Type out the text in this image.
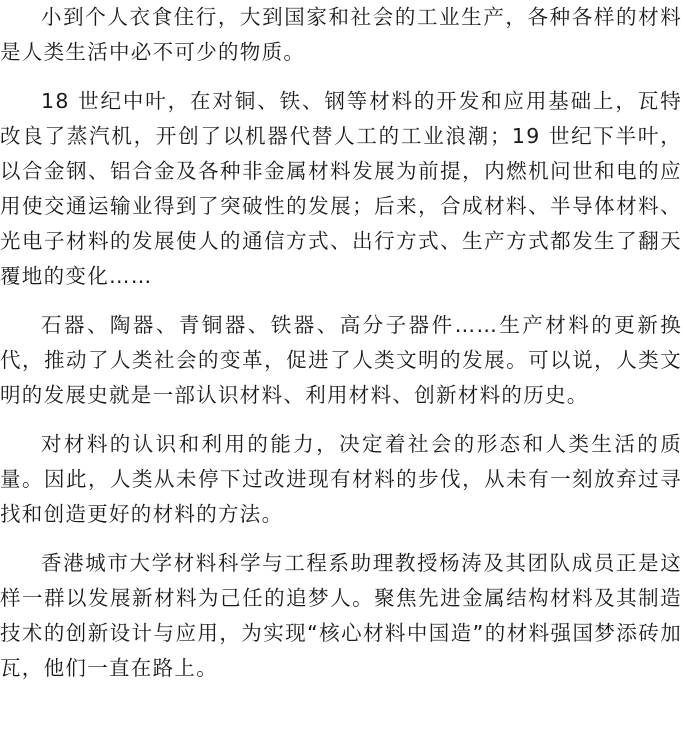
小到个人衣食住行，大到国家和社会的工业生产，各种各样的材料是人类生活中必不可少的物质。

18 世纪中叶，在对铜、铁、钢等材料的开发和应用基础上，瓦特改良了蒸汽机，开创了以机器代替人工的工业浪潮；19 世纪下半叶，以合金钢、铝合金及各种非金属材料发展为前提，内燃机问世和电的应用使交通运输业得到了突破性的发展；后来，合成材料、半导体材料、光电子材料的发展使人的通信方式、出行方式、生产方式都发生了翻天覆地的变化……

石器、陶器、青铜器、铁器、高分子器件……生产材料的更新换代，推动了人类社会的变革，促进了人类文明的发展。可以说，人类文明的发展史就是一部认识材料、利用材料、创新材料的历史。

对材料的认识和利用的能力，决定着社会的形态和人类生活的质量。因此，人类从未停下过改进现有材料的步伐，从未有一刻放弃过寻找和创造更好的材料的方法。

香港城市大学材料科学与工程系助理教授杨涛及其团队成员正是这样一群以发展新材料为己任的追梦人。聚焦先进金属结构材料及其制造技术的创新设计与应用，为实现“核心材料中国造”的材料强国梦添砖加瓦，他们一直在路上。
